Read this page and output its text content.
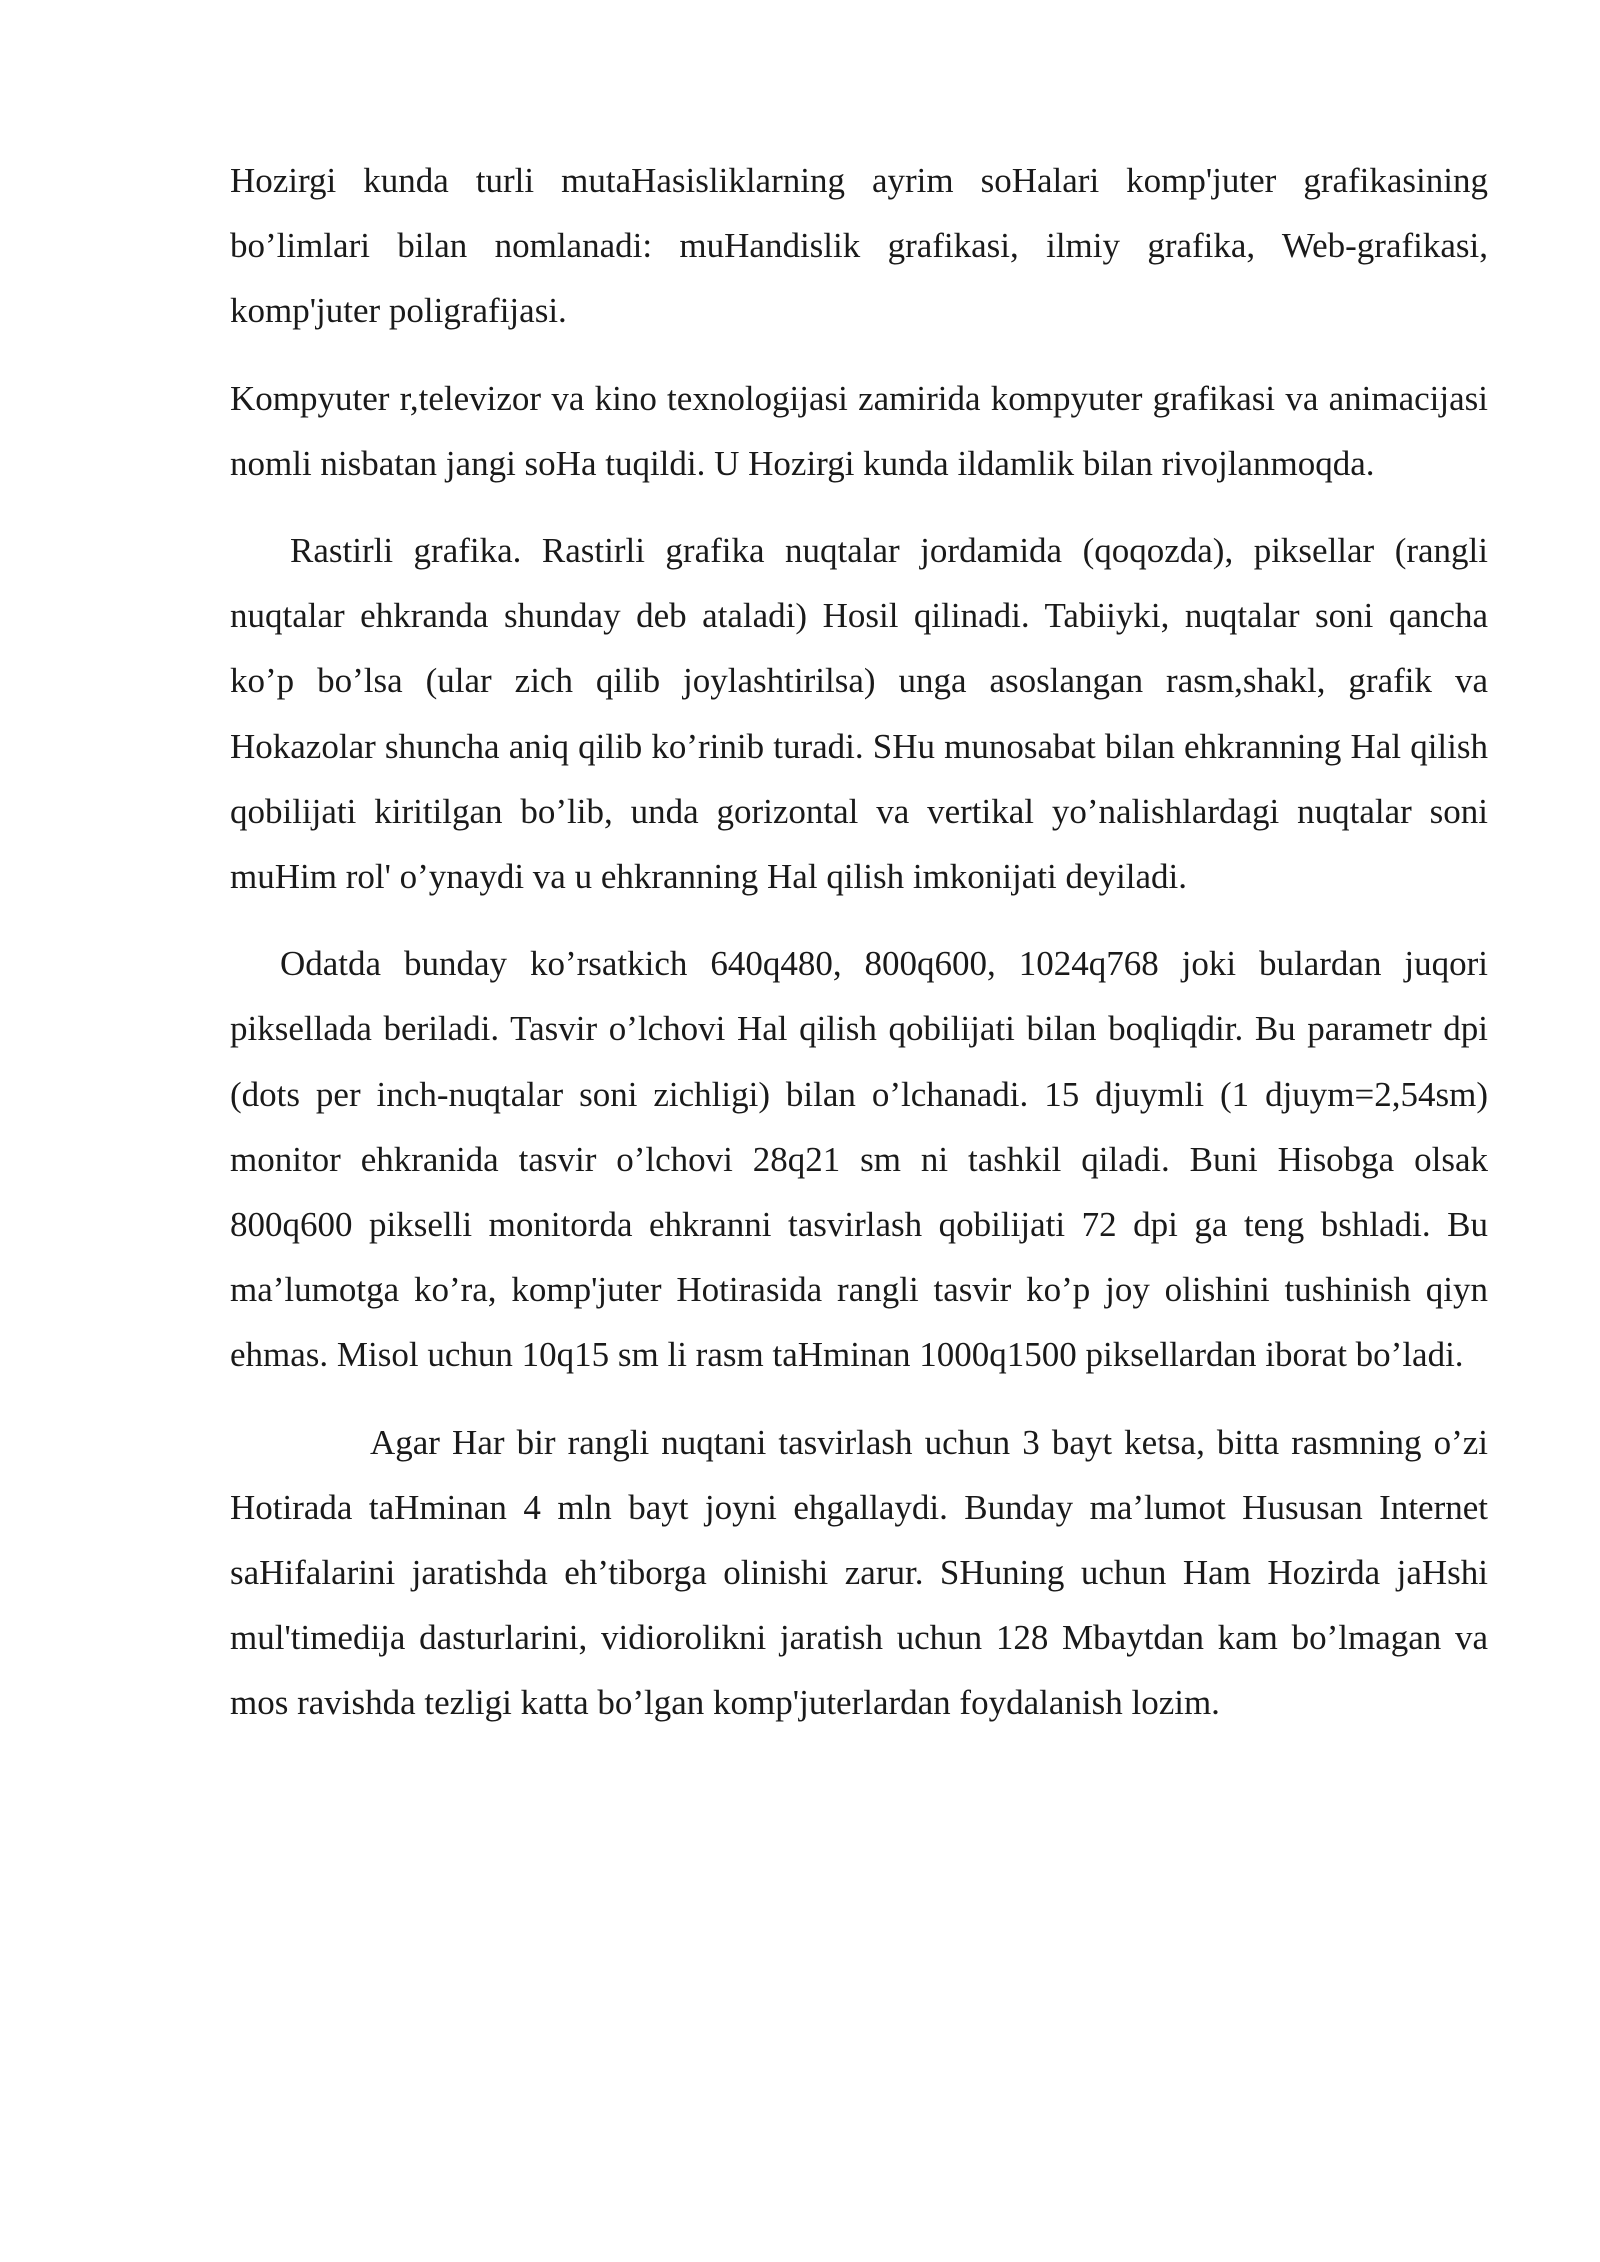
Hozirgi kunda turli mutaHasisliklarning ayrim soHalari komp'juter grafikasining bo’limlari bilan nomlanadi: muHandislik grafikasi, ilmiy grafika, Web-grafikasi, komp'juter poligrafijasi.

Kompyuter r,televizor va kino texnologijasi zamirida kompyuter grafikasi va animacijasi nomli nisbatan jangi soHa tuqildi. U Hozirgi kunda ildamlik bilan rivojlanmoqda.

Rastirli grafika. Rastirli grafika nuqtalar jordamida (qoqozda), piksellar (rangli nuqtalar ehkranda shunday deb ataladi) Hosil qilinadi. Tabiiyki, nuqtalar soni qancha ko’p bo’lsa (ular zich qilib joylashtirilsa) unga asoslangan rasm,shakl, grafik va Hokazolar shuncha aniq qilib ko’rinib turadi. SHu munosabat bilan ehkranning Hal qilish qobilijati kiritilgan bo’lib, unda gorizontal va vertikal yo’nalishlardagi nuqtalar soni muHim rol' o’ynaydi va u ehkranning Hal qilish imkonijati deyiladi.

Odatda bunday ko’rsatkich 640q480, 800q600, 1024q768 joki bulardan juqori piksellada beriladi. Tasvir o’lchovi Hal qilish qobilijati bilan boqliqdir. Bu parametr dpi (dots per inch-nuqtalar soni zichligi) bilan o’lchanadi. 15 djuymli (1 djuym=2,54sm) monitor ehkranida tasvir o’lchovi 28q21 sm ni tashkil qiladi. Buni Hisobga olsak 800q600 pikselli monitorda ehkranni tasvirlash qobilijati 72 dpi ga teng bshladi. Bu ma’lumotga ko’ra, komp'juter Hotirasida rangli tasvir ko’p joy olishini tushinish qiyn ehmas. Misol uchun 10q15 sm li rasm taHminan 1000q1500 piksellardan iborat bo’ladi.

Agar Har bir rangli nuqtani tasvirlash uchun 3 bayt ketsa, bitta rasmning o’zi Hotirada taHminan 4 mln bayt joyni ehgallaydi. Bunday ma’lumot Hususan Internet saHifalarini jaratishda eh’tiborga olinishi zarur. SHuning uchun Ham Hozirda jaHshi mul'timedija dasturlarini, vidiorolikni jaratish uchun 128 Mbaytdan kam bo’lmagan va mos ravishda tezligi katta bo’lgan komp'juterlardan foydalanish lozim.
